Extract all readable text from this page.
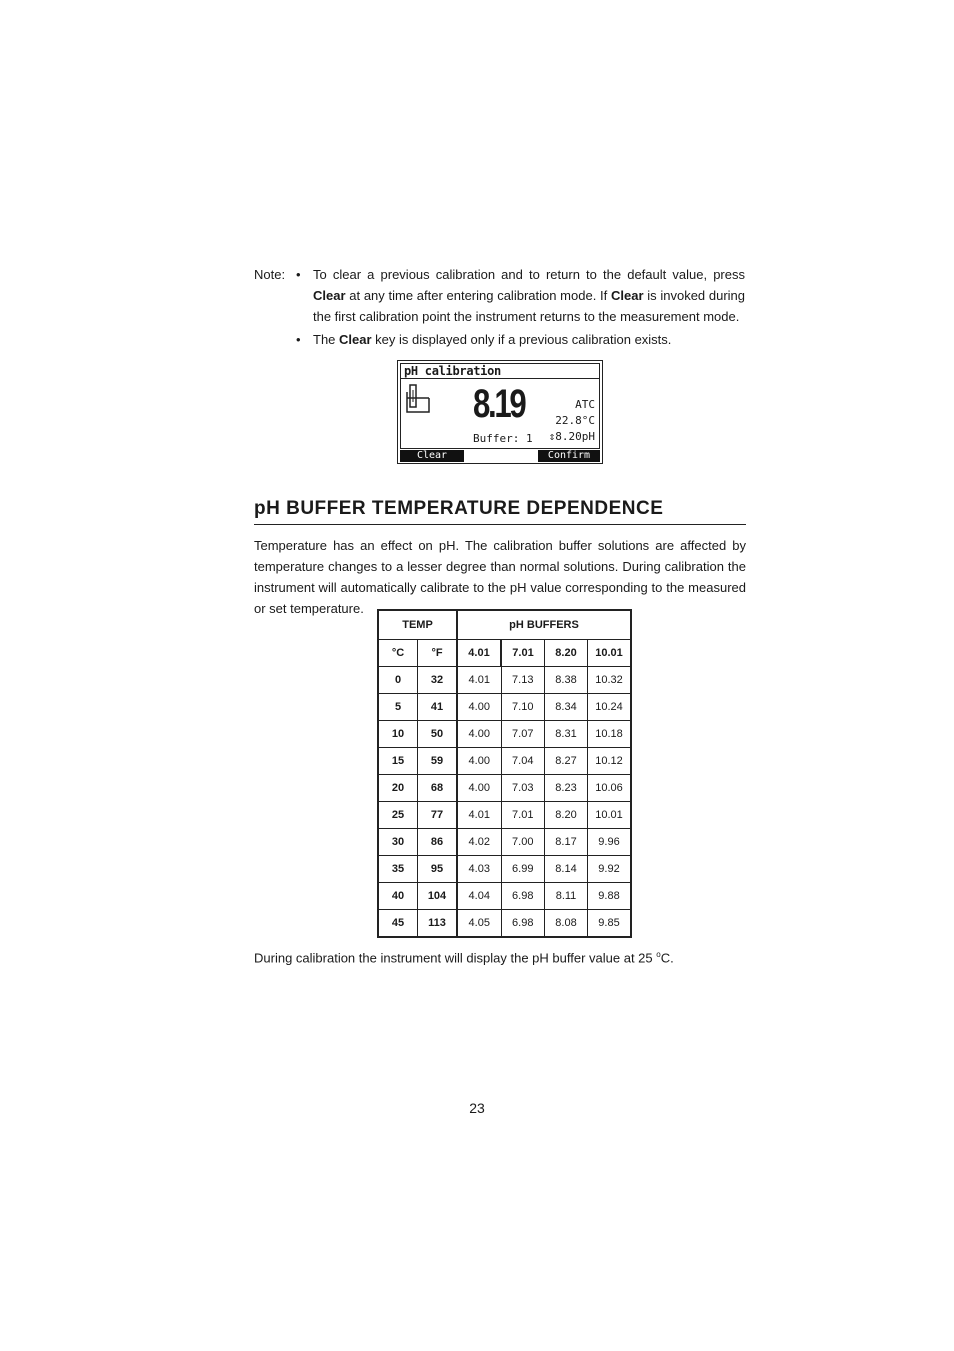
Note: • To clear a previous calibration and to return to the default value, press Clear at any time after entering calibration mode. If Clear is invoked during the first calibration point the instrument returns to the measurement mode.
• The Clear key is displayed only if a previous calibration exists.
pH calibration
8.19	ATC
22.8°C
Buffer: 1 ⇕8.20pH
Clear	Confirm
pH BUFFER TEMPERATURE DEPENDENCE
Temperature has an effect on pH. The calibration buffer solutions are affected by temperature changes to a lesser degree than normal solutions. During calibration the instrument will automatically calibrate to the pH value corresponding to the measured or set temperature.
TEMP		pH BUFFERS			
°C	°F	4.01	7.01	8.20	10.01
0	32	4.01	7.13	8.38	10.32
5	41	4.00	7.10	8.34	10.24
10	50	4.00	7.07	8.31	10.18
15	59	4.00	7.04	8.27	10.12
20	68	4.00	7.03	8.23	10.06
25	77	4.01	7.01	8.20	10.01
30	86	4.02	7.00	8.17	9.96
35	95	4.03	6.99	8.14	9.92
40	104	4.04	6.98	8.11	9.88
45	113	4.05	6.98	8.08	9.85
During calibration the instrument will display the pH buffer value at 25 $^o$C.
23
